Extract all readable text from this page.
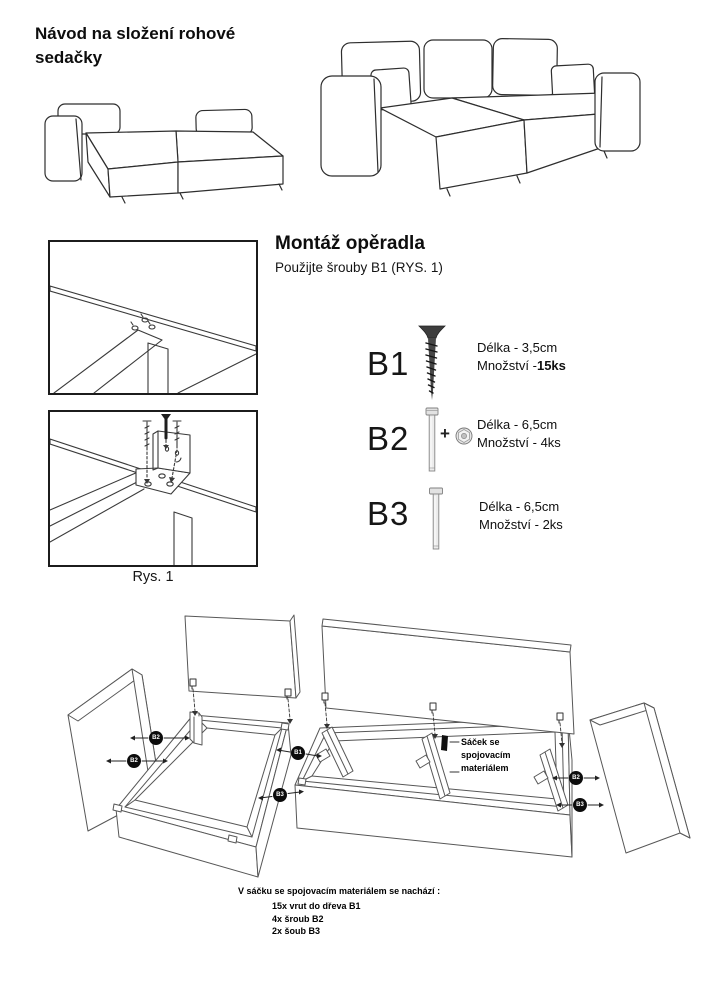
Návod na složení rohové
sedačky
Montáž opěradla
Použijte šrouby B1 (RYS. 1)
Rys. 1
B1	Délka - 3,5cm
Množství -15ks
B2 + Délka - 6,5cm
Množství - 4ks
B3	Délka - 6,5cm
Množství - 2ks
B2
B2
B1
B3
B2
B3
Sáček se
spojovacím
materiálem
V sáčku se spojovacím materiálem se nachází :
15x vrut do dřeva B1
4x šroub B2
2x šoub B3
